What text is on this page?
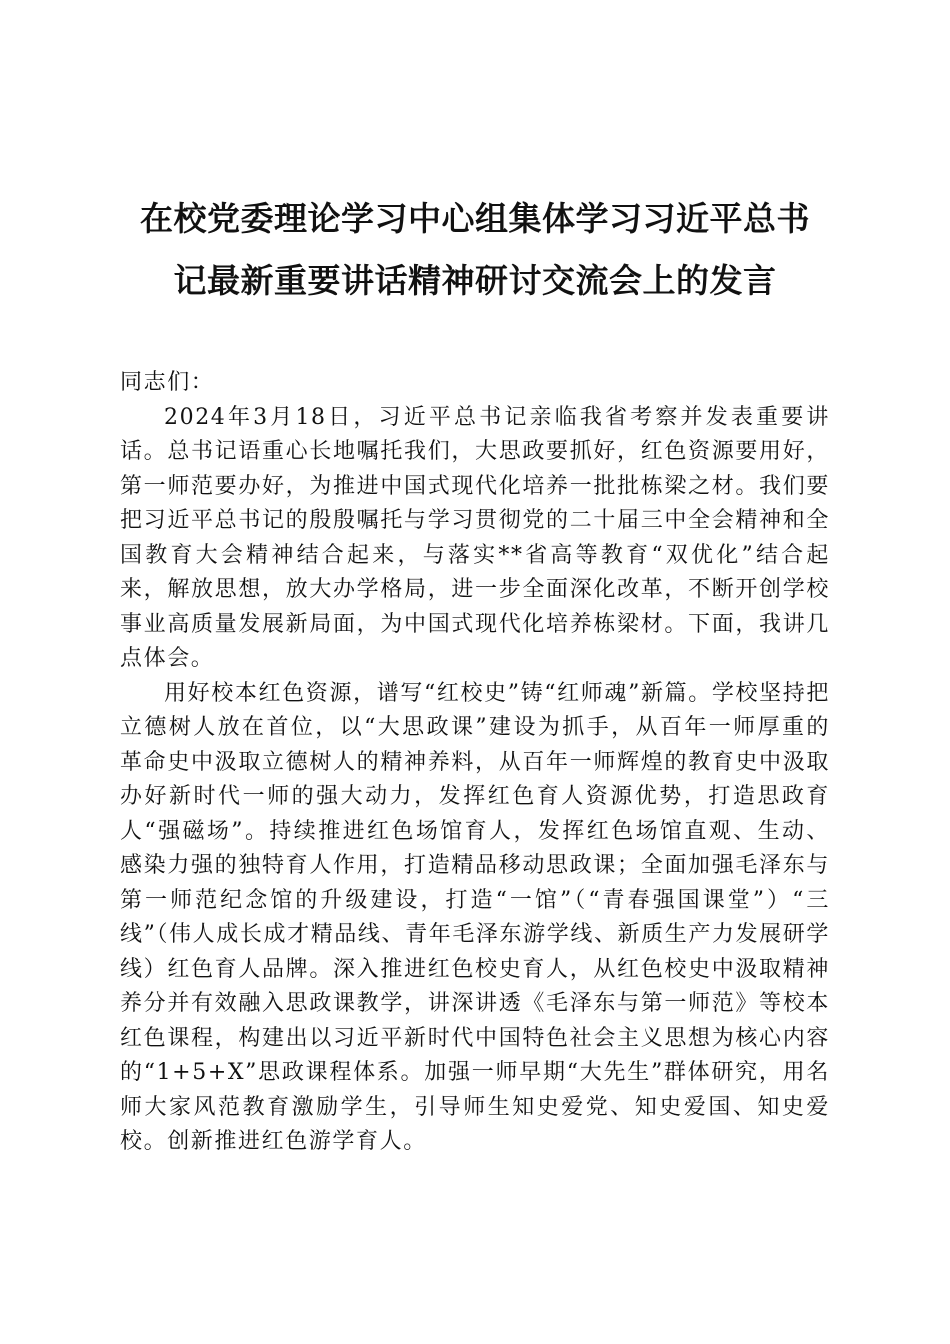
在校党委理论学习中心组集体学习习近平总书
记最新重要讲话精神研讨交流会上的发言

同志们：

2024年3月18日，习近平总书记亲临我省考察并发表重要讲话。总书记语重心长地嘱托我们，大思政要抓好，红色资源要用好，第一师范要办好，为推进中国式现代化培养一批批栋梁之材。我们要把习近平总书记的殷殷嘱托与学习贯彻党的二十届三中全会精神和全国教育大会精神结合起来，与落实**省高等教育“双优化”结合起来，解放思想，放大办学格局，进一步全面深化改革，不断开创学校事业高质量发展新局面，为中国式现代化培养栋梁材。下面，我讲几点体会。

用好校本红色资源，谱写“红校史”铸“红师魂”新篇。学校坚持把立德树人放在首位，以“大思政课”建设为抓手，从百年一师厚重的革命史中汲取立德树人的精神养料，从百年一师辉煌的教育史中汲取办好新时代一师的强大动力，发挥红色育人资源优势，打造思政育人“强磁场”。持续推进红色场馆育人，发挥红色场馆直观、生动、感染力强的独特育人作用，打造精品移动思政课；全面加强毛泽东与第一师范纪念馆的升级建设，打造“一馆”（“青春强国课堂”）“三线”（伟人成长成才精品线、青年毛泽东游学线、新质生产力发展研学线）红色育人品牌。深入推进红色校史育人，从红色校史中汲取精神养分并有效融入思政课教学，讲深讲透《毛泽东与第一师范》等校本红色课程，构建出以习近平新时代中国特色社会主义思想为核心内容的“1+5+X”思政课程体系。加强一师早期“大先生”群体研究，用名师大家风范教育激励学生，引导师生知史爱党、知史爱国、知史爱校。创新推进红色游学育人。
